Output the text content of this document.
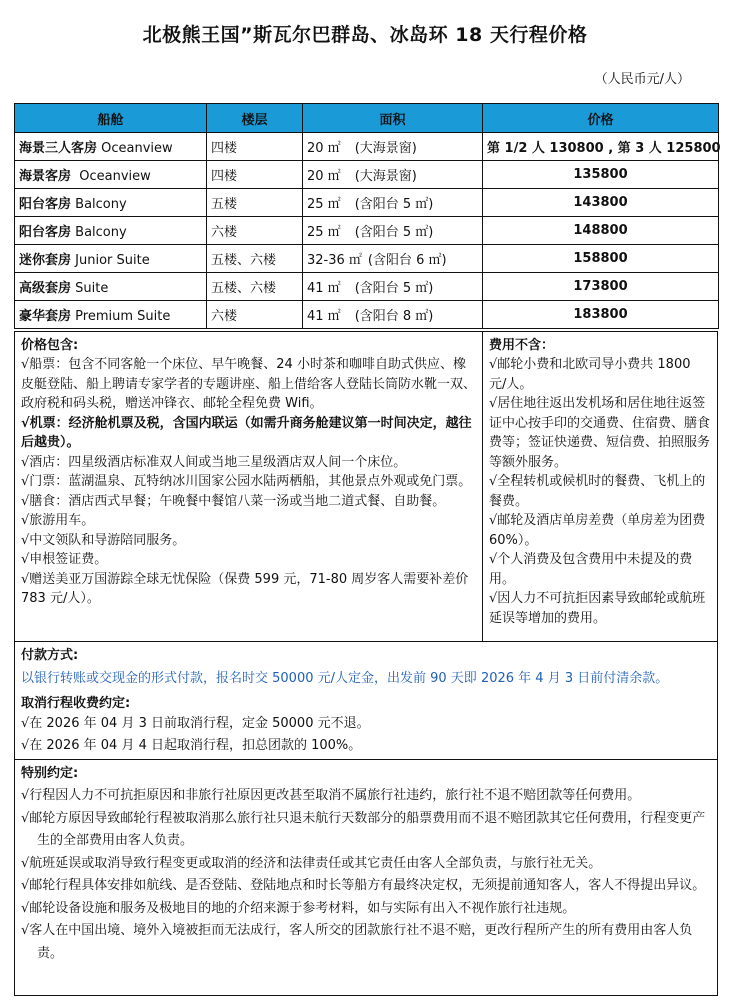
北极熊王国”斯瓦尔巴群岛、冰岛环 18 天行程价格
（人民币元/人）
船舱	楼层	面积	价格
海景三人客房 Oceanview	四楼	20 ㎡ (大海景窗)	第 1/2 人 130800 , 第 3 人 125800
海景客房  Oceanview	四楼	20 ㎡ (大海景窗)	135800
阳台客房 Balcony	五楼	25 ㎡ (含阳台 5 ㎡)	143800
阳台客房 Balcony	六楼	25 ㎡ (含阳台 5 ㎡)	148800
迷你套房 Junior Suite	五楼、六楼	32-36 ㎡ (含阳台 6 ㎡)	158800
高级套房 Suite	五楼、六楼	41 ㎡ (含阳台 5 ㎡)	173800
豪华套房 Premium Suite	六楼	41 ㎡ (含阳台 8 ㎡)	183800
价格包含:

√船票：包含不同客舱一个床位、早午晚餐、24 小时茶和咖啡自助式供应、橡皮艇登陆、船上聘请专家学者的专题讲座、船上借给客人登陆长筒防水靴一双、政府税和码头税，赠送冲锋衣、邮轮全程免费 Wifi。

√机票：经济舱机票及税，含国内联运（如需升商务舱建议第一时间决定，越往后越贵）。

√酒店：四星级酒店标准双人间或当地三星级酒店双人间一个床位。

√门票：蓝湖温泉、瓦特纳冰川国家公园水陆两栖船，其他景点外观或免门票。

√膳食：酒店西式早餐；午晚餐中餐馆八菜一汤或当地二道式餐、自助餐。

√旅游用车。

√中文领队和导游陪同服务。

√申根签证费。

√赠送美亚万国游踪全球无忧保险（保费 599 元，71-80 周岁客人需要补差价 783 元/人）。

费用不含：

√邮轮小费和北欧司导小费共 1800 元/人。

√居住地往返出发机场和居住地往返签证中心按手印的交通费、住宿费、膳食费等；签证快递费、短信费、拍照服务等额外服务。

√全程转机或候机时的餐费、飞机上的餐费。

√邮轮及酒店单房差费（单房差为团费 60%）。

√个人消费及包含费用中未提及的费用。

√因人力不可抗拒因素导致邮轮或航班延误等增加的费用。

付款方式:
以银行转账或交现金的形式付款，报名时交 50000 元/人定金，出发前 90 天即 2026 年 4 月 3 日前付清余款。
取消行程收费约定:

√在 2026 年 04 月 3 日前取消行程，定金 50000 元不退。

√在 2026 年 04 月 4 日起取消行程，扣总团款的 100%。

特别约定:

√行程因人力不可抗拒原因和非旅行社原因更改甚至取消不属旅行社违约，旅行社不退不赔团款等任何费用。

√邮轮方原因导致邮轮行程被取消那么旅行社只退未航行天数部分的船票费用而不退不赔团款其它任何费用，行程变更产生的全部费用由客人负责。

√航班延误或取消导致行程变更或取消的经济和法律责任或其它责任由客人全部负责，与旅行社无关。

√邮轮行程具体安排如航线、是否登陆、登陆地点和时长等船方有最终决定权，无须提前通知客人，客人不得提出异议。

√邮轮设备设施和服务及极地目的地的介绍来源于参考材料，如与实际有出入不视作旅行社违规。

√客人在中国出境、境外入境被拒而无法成行，客人所交的团款旅行社不退不赔，更改行程所产生的所有费用由客人负责。
